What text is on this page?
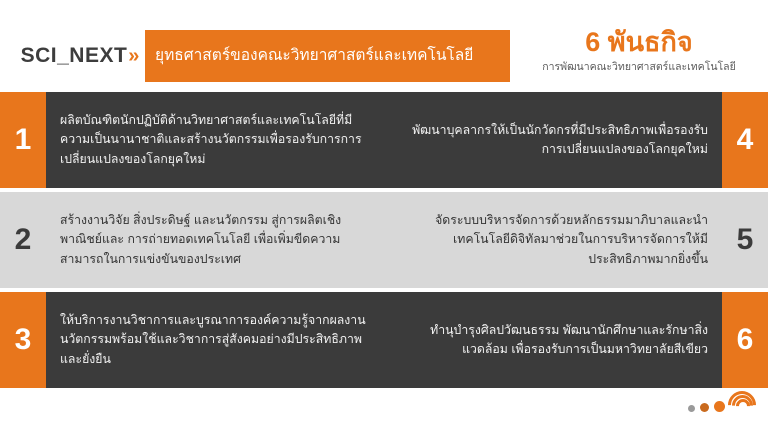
SCI_NEXT»	ยุทธศาสตร์ของคณะวิทยาศาสตร์และเทคโนโลยี	6 พันธกิจ
การพัฒนาคณะวิทยาศาสตร์และเทคโนโลยี
1
ผลิตบัณฑิตนักปฏิบัติด้านวิทยาศาสตร์และเทคโนโลยีที่มีความเป็นนานาชาติและสร้างนวัตกรรมเพื่อรองรับการการเปลี่ยนแปลงของโลกยุคใหม่
พัฒนาบุคลากรให้เป็นนักวัดกรที่มีประสิทธิภาพเพื่อรองรับการเปลี่ยนแปลงของโลกยุคใหม่ 4
2
สร้างงานวิจัย สิ่งประดิษฐ์ และนวัตกรรม สู่การผลิตเชิงพาณิชย์และ การถ่ายทอดเทคโนโลยี เพื่อเพิ่มขีดความสามารถในการแข่งขันของประเทศ
จัดระบบบริหารจัดการด้วยหลักธรรมมาภิบาลและนำเทคโนโลยีดิจิทัลมาช่วยในการบริหารจัดการให้มีประสิทธิภาพมากยิ่งขึ้น
5
3
ให้บริการงานวิชาการและบูรณาการองค์ความรู้จากผลงานนวัตกรรมพร้อมใช้และวิชาการสู่สังคมอย่างมีประสิทธิภาพและยั่งยืน
ทำนุบำรุงศิลปวัฒนธรรม พัฒนานักศึกษาและรักษาสิ่งแวดล้อม เพื่อรองรับการเป็นมหาวิทยาลัยสีเขียว 6
